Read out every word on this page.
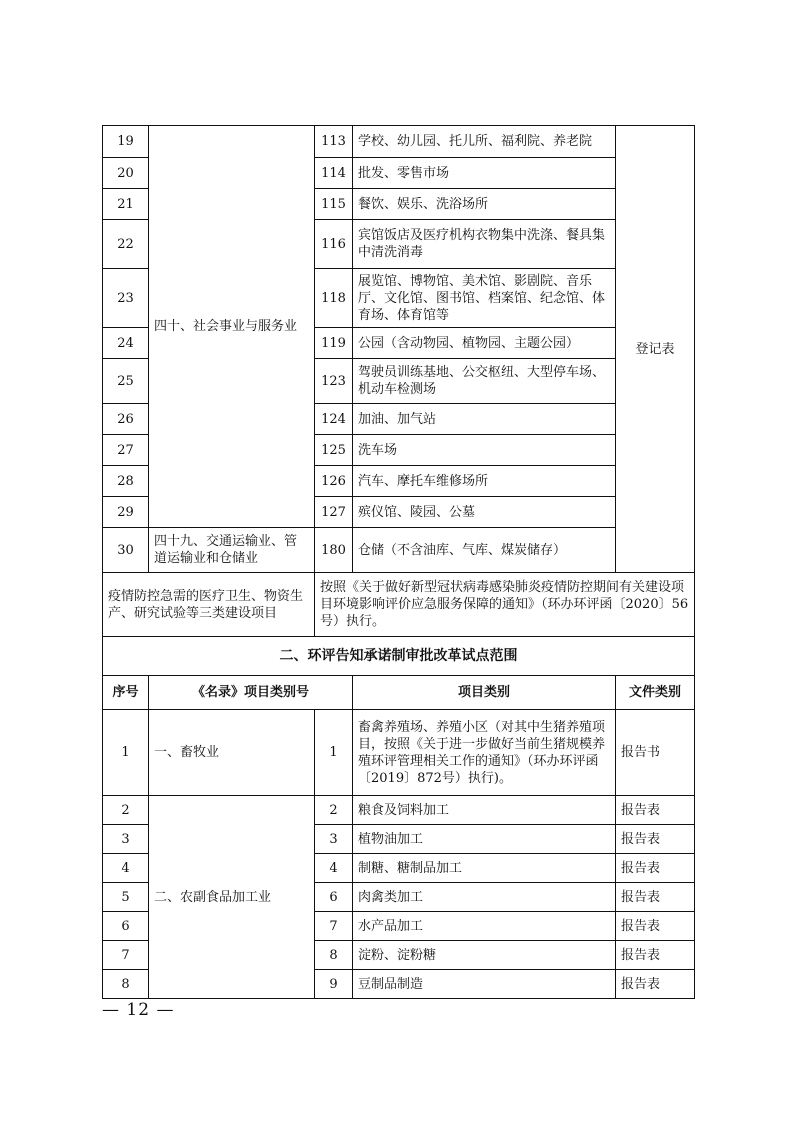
19	四十、社会事业与服务业	113	学校、幼儿园、托儿所、福利院、养老院	登记表
20		114	批发、零售市场	
21		115	餐饮、娱乐、洗浴场所	
22		116	宾馆饭店及医疗机构衣物集中洗涤、餐具集中清洗消毒	
23		118	展览馆、博物馆、美术馆、影剧院、音乐厅、文化馆、图书馆、档案馆、纪念馆、体育场、体育馆等	
24		119	公园（含动物园、植物园、主题公园）	
25		123	驾驶员训练基地、公交枢纽、大型停车场、机动车检测场	
26		124	加油、加气站	
27		125	洗车场	
28		126	汽车、摩托车维修场所	
29		127	殡仪馆、陵园、公墓	
30	四十九、交通运输业、管道运输业和仓储业	180	仓储（不含油库、气库、煤炭储存）	
疫情防控急需的医疗卫生、物资生产、研究试验等三类建设项目		按照《关于做好新型冠状病毒感染肺炎疫情防控期间有关建设项目环境影响评价应急服务保障的通知》（环办环评函〔2020〕56号）执行。		
二、环评告知承诺制审批改革试点范围				
序号	《名录》项目类别号		项目类别	文件类别
1	一、畜牧业	1	畜禽养殖场、养殖小区（对其中生猪养殖项目，按照《关于进一步做好当前生猪规模养殖环评管理相关工作的通知》（环办环评函〔2019〕872号）执行)。	报告书
2	二、农副食品加工业	2	粮食及饲料加工	报告表
3		3	植物油加工	报告表
4		4	制糖、糖制品加工	报告表
5		6	肉禽类加工	报告表
6		7	水产品加工	报告表
7		8	淀粉、淀粉糖	报告表
8		9	豆制品制造	报告表
— 12 —
